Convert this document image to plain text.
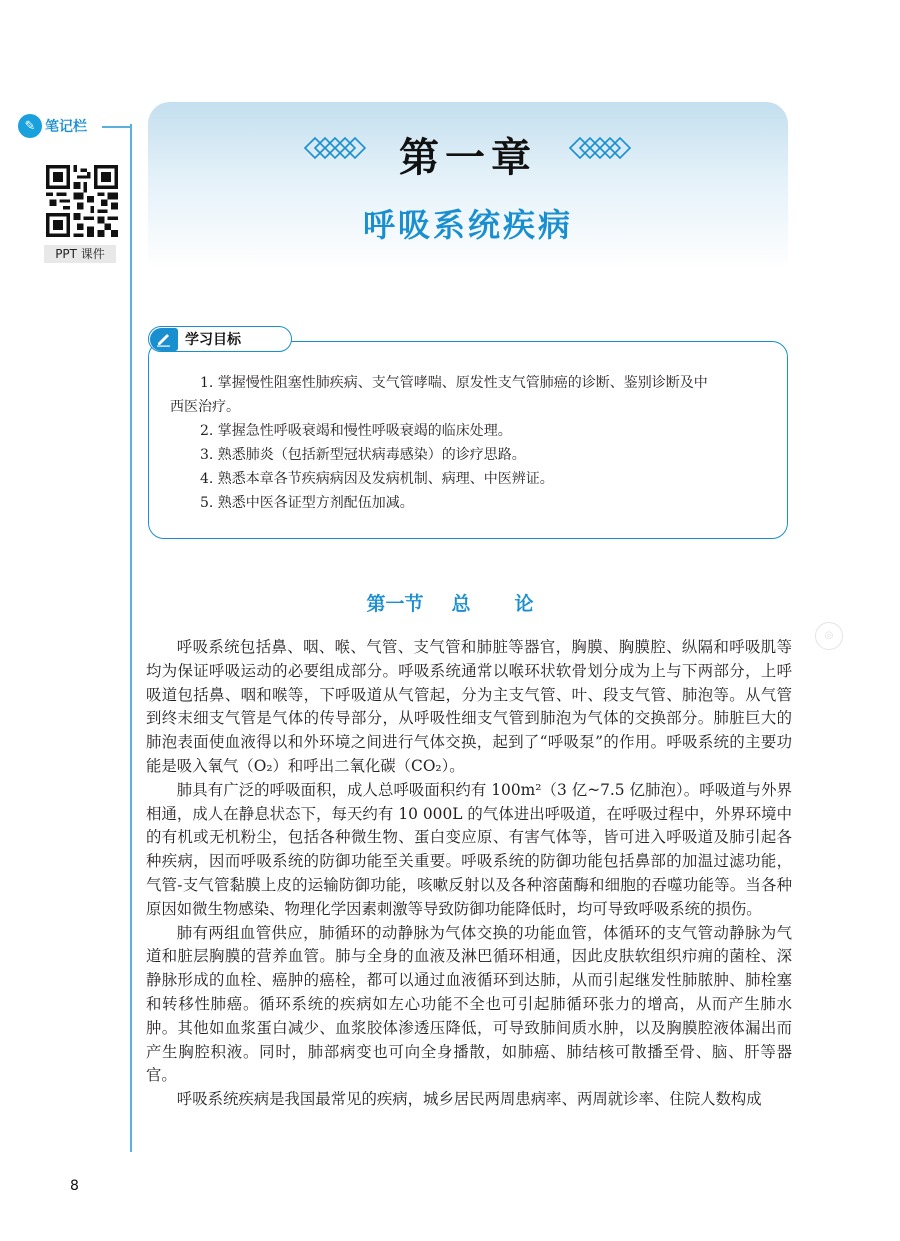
✎ 笔记栏
PPT 课件
第一章
呼吸系统疾病
学习目标
1. 掌握慢性阻塞性肺疾病、支气管哮喘、原发性支气管肺癌的诊断、鉴别诊断及中
西医治疗。
2. 掌握急性呼吸衰竭和慢性呼吸衰竭的临床处理。
3. 熟悉肺炎（包括新型冠状病毒感染）的诊疗思路。
4. 熟悉本章各节疾病病因及发病机制、病理、中医辨证。
5. 熟悉中医各证型方剂配伍加减。
第一节 总 论
◎

呼吸系统包括鼻、咽、喉、气管、支气管和肺脏等器官，胸膜、胸膜腔、纵隔和呼吸肌等均为保证呼吸运动的必要组成部分。呼吸系统通常以喉环状软骨划分成为上与下两部分，上呼吸道包括鼻、咽和喉等，下呼吸道从气管起，分为主支气管、叶、段支气管、肺泡等。从气管到终末细支气管是气体的传导部分，从呼吸性细支气管到肺泡为气体的交换部分。肺脏巨大的肺泡表面使血液得以和外环境之间进行气体交换，起到了“呼吸泵”的作用。呼吸系统的主要功能是吸入氧气（O₂）和呼出二氧化碳（CO₂）。

肺具有广泛的呼吸面积，成人总呼吸面积约有 100m²（3 亿~7.5 亿肺泡）。呼吸道与外界相通，成人在静息状态下，每天约有 10 000L 的气体进出呼吸道，在呼吸过程中，外界环境中的有机或无机粉尘，包括各种微生物、蛋白变应原、有害气体等，皆可进入呼吸道及肺引起各种疾病，因而呼吸系统的防御功能至关重要。呼吸系统的防御功能包括鼻部的加温过滤功能，气管-支气管黏膜上皮的运输防御功能，咳嗽反射以及各种溶菌酶和细胞的吞噬功能等。当各种原因如微生物感染、物理化学因素刺激等导致防御功能降低时，均可导致呼吸系统的损伤。

肺有两组血管供应，肺循环的动静脉为气体交换的功能血管，体循环的支气管动静脉为气道和脏层胸膜的营养血管。肺与全身的血液及淋巴循环相通，因此皮肤软组织疖痈的菌栓、深静脉形成的血栓、癌肿的癌栓，都可以通过血液循环到达肺，从而引起继发性肺脓肿、肺栓塞和转移性肺癌。循环系统的疾病如左心功能不全也可引起肺循环张力的增高，从而产生肺水肿。其他如血浆蛋白减少、血浆胶体渗透压降低，可导致肺间质水肿，以及胸膜腔液体漏出而产生胸腔积液。同时，肺部病变也可向全身播散，如肺癌、肺结核可散播至骨、脑、肝等器官。

呼吸系统疾病是我国最常见的疾病，城乡居民两周患病率、两周就诊率、住院人数构成

8
